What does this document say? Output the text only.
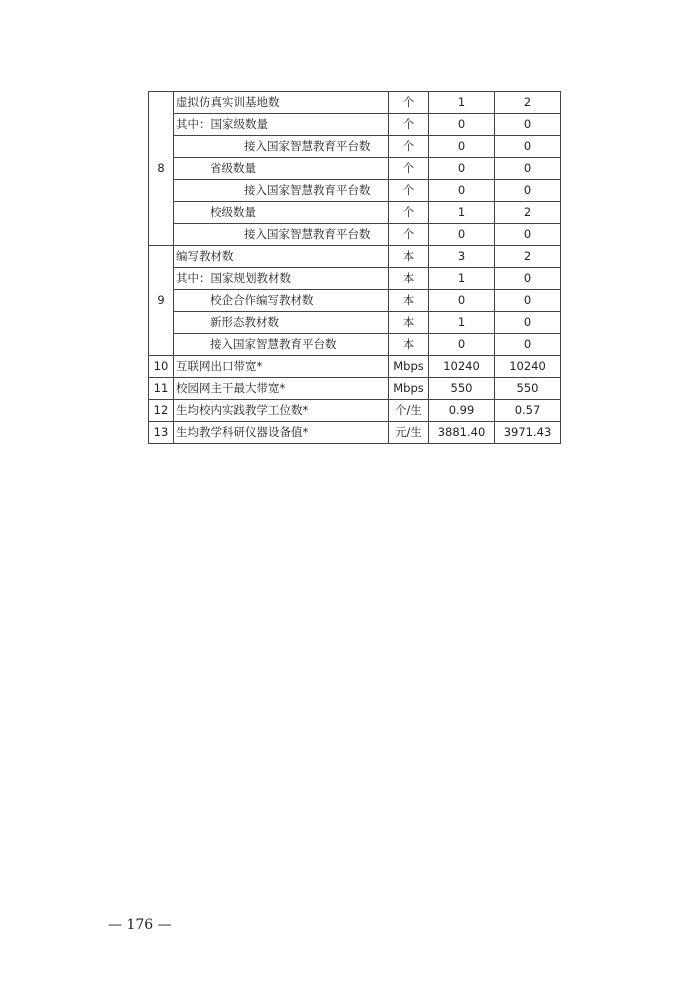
8	虚拟仿真实训基地数	个	1	2
	其中：国家级数量	个	0	0
	接入国家智慧教育平台数	个	0	0
	省级数量	个	0	0
	接入国家智慧教育平台数	个	0	0
	校级数量	个	1	2
	接入国家智慧教育平台数	个	0	0
9	编写教材数	本	3	2
	其中：国家规划教材数	本	1	0
	校企合作编写教材数	本	0	0
	新形态教材数	本	1	0
	接入国家智慧教育平台数	本	0	0
10	互联网出口带宽*	Mbps	10240	10240
11	校园网主干最大带宽*	Mbps	550	550
12	生均校内实践教学工位数*	个/生	0.99	0.57
13	生均教学科研仪器设备值*	元/生	3881.40	3971.43
— 176 —
